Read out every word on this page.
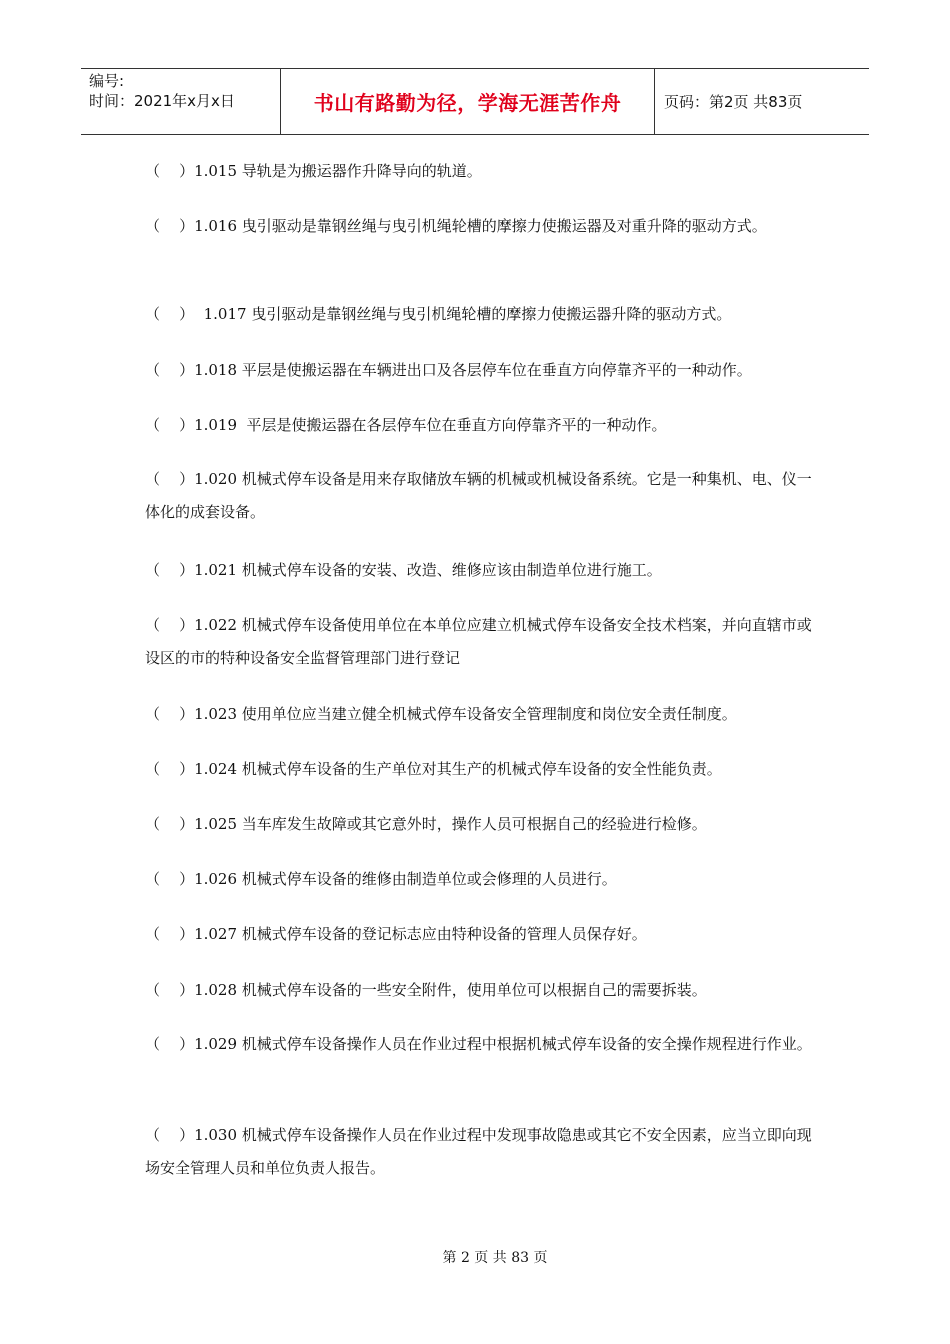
编号:
时间：2021年x月x日	书山有路勤为径，学海无涯苦作舟	页码：第2页 共83页
（    ）1.015 导轨是为搬运器作升降导向的轨道。
（    ）1.016 曳引驱动是靠钢丝绳与曳引机绳轮槽的摩擦力使搬运器及对重升降的驱动方式。
（    ）  1.017 曳引驱动是靠钢丝绳与曳引机绳轮槽的摩擦力使搬运器升降的驱动方式。
（    ）1.018 平层是使搬运器在车辆进出口及各层停车位在垂直方向停靠齐平的一种动作。
（    ）1.019  平层是使搬运器在各层停车位在垂直方向停靠齐平的一种动作。
（    ）1.020 机械式停车设备是用来存取储放车辆的机械或机械设备系统。它是一种集机、电、仪一体化的成套设备。
（    ）1.021 机械式停车设备的安装、改造、维修应该由制造单位进行施工。
（    ）1.022 机械式停车设备使用单位在本单位应建立机械式停车设备安全技术档案，并向直辖市或设区的市的特种设备安全监督管理部门进行登记
（    ）1.023 使用单位应当建立健全机械式停车设备安全管理制度和岗位安全责任制度。
（    ）1.024 机械式停车设备的生产单位对其生产的机械式停车设备的安全性能负责。
（    ）1.025 当车库发生故障或其它意外时，操作人员可根据自己的经验进行检修。
（    ）1.026 机械式停车设备的维修由制造单位或会修理的人员进行。
（    ）1.027 机械式停车设备的登记标志应由特种设备的管理人员保存好。
（    ）1.028 机械式停车设备的一些安全附件，使用单位可以根据自己的需要拆装。
（    ）1.029 机械式停车设备操作人员在作业过程中根据机械式停车设备的安全操作规程进行作业。
（    ）1.030 机械式停车设备操作人员在作业过程中发现事故隐患或其它不安全因素，应当立即向现场安全管理人员和单位负责人报告。
第 2 页 共 83 页
